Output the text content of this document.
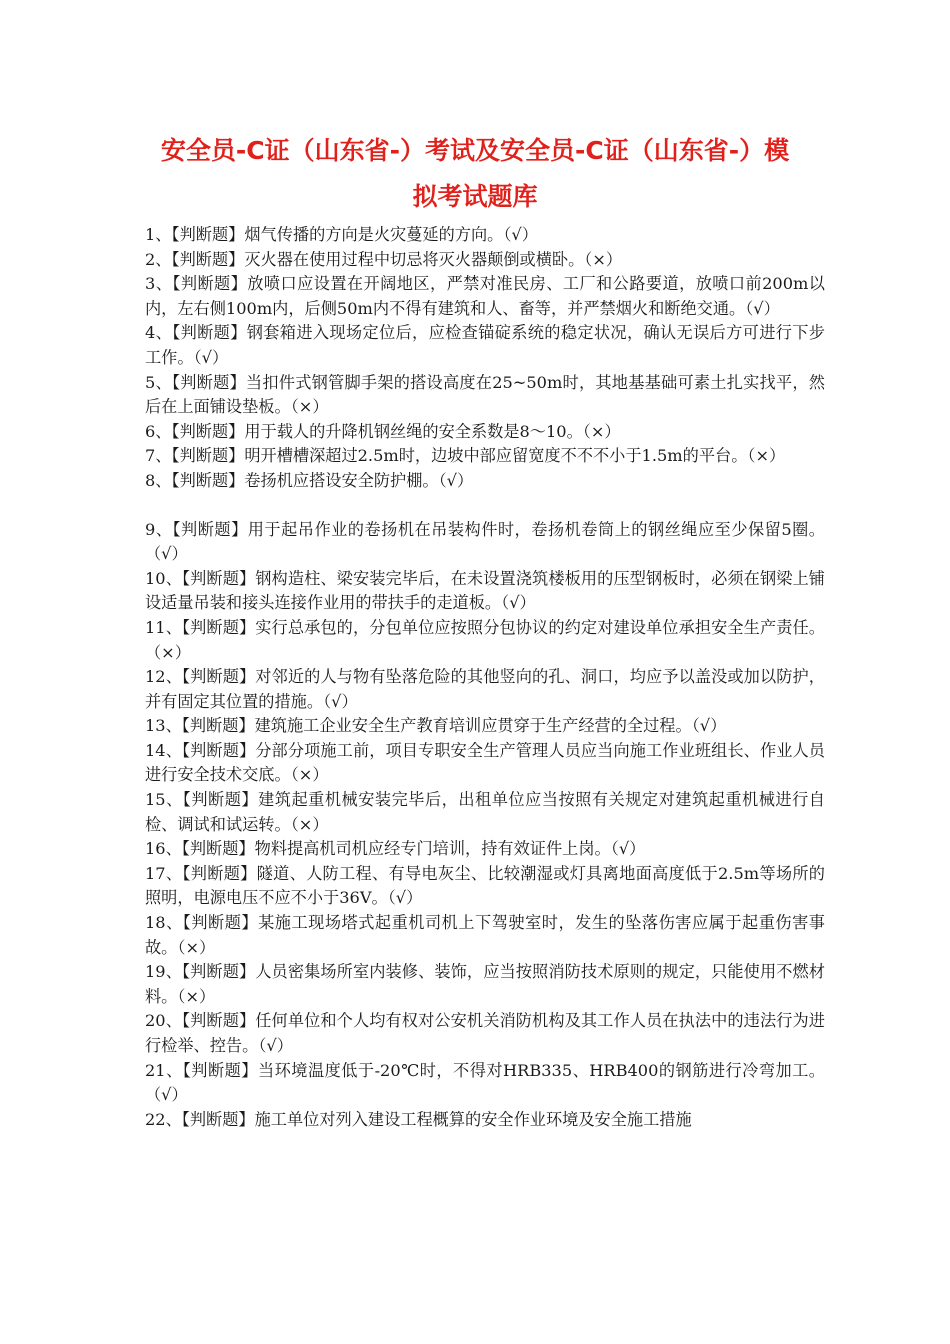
安全员-C证（山东省-）考试及安全员-C证（山东省-）模
拟考试题库
1、【判断题】烟气传播的方向是火灾蔓延的方向。（√）
2、【判断题】灭火器在使用过程中切忌将灭火器颠倒或横卧。（×）
3、【判断题】放喷口应设置在开阔地区，严禁对准民房、工厂和公路要道，放喷口前200m以内，左右侧100m内，后侧50m内不得有建筑和人、畜等，并严禁烟火和断绝交通。（√）
4、【判断题】钢套箱进入现场定位后，应检查锚碇系统的稳定状况，确认无误后方可进行下步工作。（√）
5、【判断题】当扣件式钢管脚手架的搭设高度在25~50m时，其地基基础可素土扎实找平，然后在上面铺设垫板。（×）
6、【判断题】用于载人的升降机钢丝绳的安全系数是8～10。（×）
7、【判断题】明开槽槽深超过2.5m时，边坡中部应留宽度不不不小于1.5m的平台。（×）
8、【判断题】卷扬机应搭设安全防护棚。（√）
9、【判断题】用于起吊作业的卷扬机在吊装构件时，卷扬机卷筒上的钢丝绳应至少保留5圈。（√）
10、【判断题】钢构造柱、梁安装完毕后，在未设置浇筑楼板用的压型钢板时，必须在钢梁上铺设适量吊装和接头连接作业用的带扶手的走道板。（√）
11、【判断题】实行总承包的，分包单位应按照分包协议的约定对建设单位承担安全生产责任。（×）
12、【判断题】对邻近的人与物有坠落危险的其他竖向的孔、洞口，均应予以盖没或加以防护，并有固定其位置的措施。（√）
13、【判断题】建筑施工企业安全生产教育培训应贯穿于生产经营的全过程。（√）
14、【判断题】分部分项施工前，项目专职安全生产管理人员应当向施工作业班组长、作业人员进行安全技术交底。（×）
15、【判断题】建筑起重机械安装完毕后，出租单位应当按照有关规定对建筑起重机械进行自检、调试和试运转。（×）
16、【判断题】物料提高机司机应经专门培训，持有效证件上岗。（√）
17、【判断题】隧道、人防工程、有导电灰尘、比较潮湿或灯具离地面高度低于2.5m等场所的照明，电源电压不应不小于36V。（√）
18、【判断题】某施工现场塔式起重机司机上下驾驶室时，发生的坠落伤害应属于起重伤害事故。（×）
19、【判断题】人员密集场所室内装修、装饰，应当按照消防技术原则的规定，只能使用不燃材料。（×）
20、【判断题】任何单位和个人均有权对公安机关消防机构及其工作人员在执法中的违法行为进行检举、控告。（√）
21、【判断题】当环境温度低于-20℃时，不得对HRB335、HRB400的钢筋进行冷弯加工。（√）
22、【判断题】施工单位对列入建设工程概算的安全作业环境及安全施工措施
